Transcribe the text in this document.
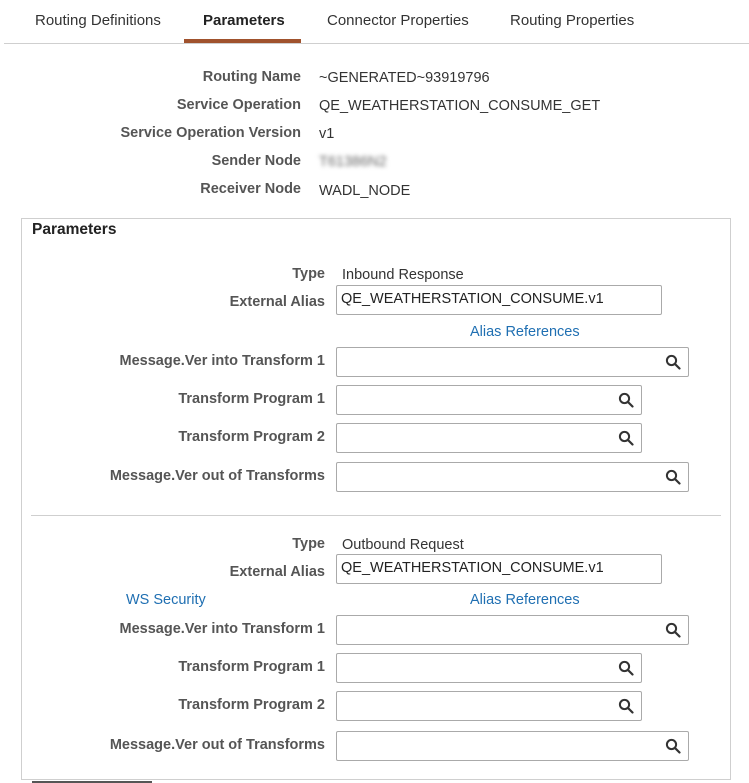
Routing Definitions	Parameters	Connector Properties	Routing Properties
Routing Name ~GENERATED~93919796
Service Operation QE_WEATHERSTATION_CONSUME_GET
Service Operation Version v1
Sender Node T61386N2
Receiver Node WADL_NODE
Parameters
Type Inbound Response
External Alias QE_WEATHERSTATION_CONSUME.v1
Alias References
Message.Ver into Transform 1
Transform Program 1
Transform Program 2
Message.Ver out of Transforms
Type Outbound Request
External Alias QE_WEATHERSTATION_CONSUME.v1
WS Security	Alias References
Message.Ver into Transform 1
Transform Program 1
Transform Program 2
Message.Ver out of Transforms
